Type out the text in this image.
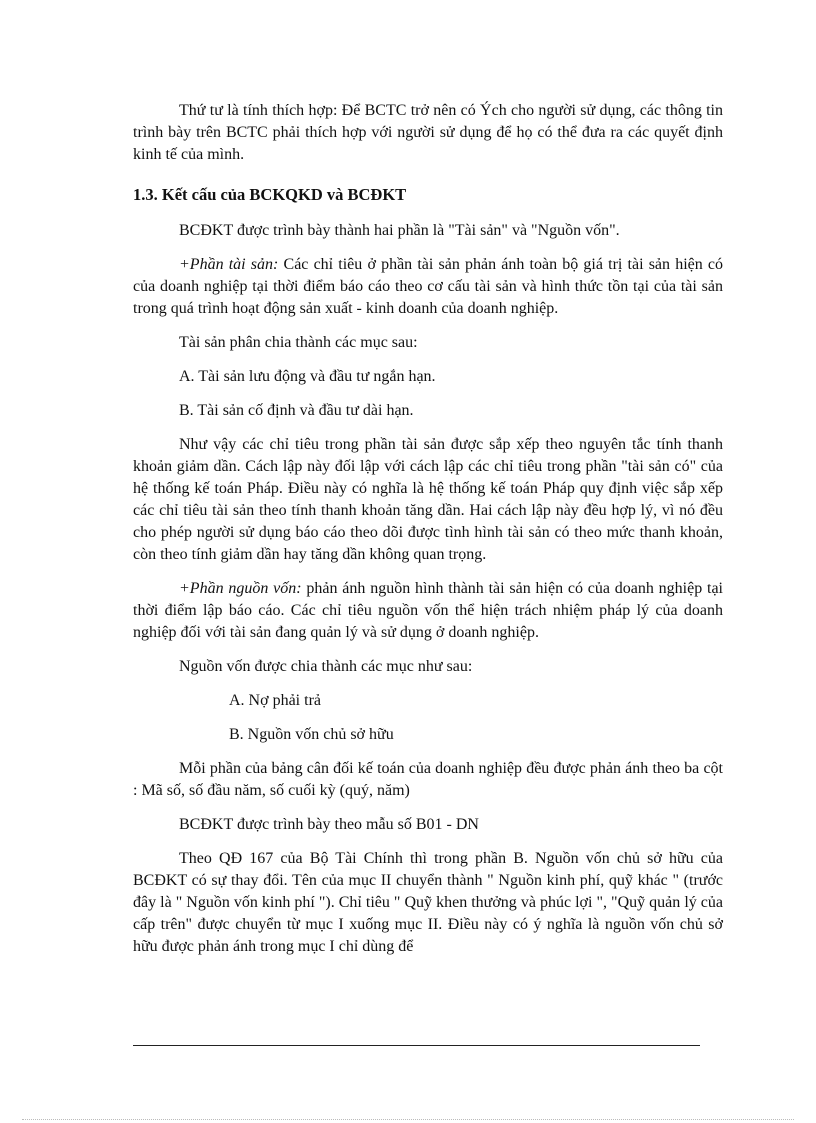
Thứ tư là tính thích hợp: Để BCTC trở nên có Ých cho người sử dụng, các thông tin trình bày trên BCTC phải thích hợp với người sử dụng để họ có thể đưa ra các quyết định kinh tế của mình.

1.3. Kết cấu của BCKQKD và BCĐKT

BCĐKT được trình bày thành hai phần là "Tài sản" và "Nguồn vốn".

+Phần tài sản: Các chỉ tiêu ở phần tài sản phản ánh toàn bộ giá trị tài sản hiện có của doanh nghiệp tại thời điểm báo cáo theo cơ cấu tài sản và hình thức tồn tại của tài sản trong quá trình hoạt động sản xuất - kinh doanh của doanh nghiệp.

Tài sản phân chia thành các mục sau:

A. Tài sản lưu động và đầu tư ngắn hạn.

B. Tài sản cố định và đầu tư dài hạn.

Như vậy các chỉ tiêu trong phần tài sản được sắp xếp theo nguyên tắc tính thanh khoản giảm dần. Cách lập này đối lập với cách lập các chỉ tiêu trong phần "tài sản có" của hệ thống kế toán Pháp. Điều này có nghĩa là hệ thống kế toán Pháp quy định việc sắp xếp các chỉ tiêu tài sản theo tính thanh khoản tăng dần. Hai cách lập này đều hợp lý, vì nó đều cho phép người sử dụng báo cáo theo dõi được tình hình tài sản có theo mức thanh khoản, còn theo tính giảm dần hay tăng dần không quan trọng.

+Phần nguồn vốn: phản ánh nguồn hình thành tài sản hiện có của doanh nghiệp tại thời điểm lập báo cáo. Các chỉ tiêu nguồn vốn thể hiện trách nhiệm pháp lý của doanh nghiệp đối với tài sản đang quản lý và sử dụng ở doanh nghiệp.

Nguồn vốn được chia thành các mục như sau:

A. Nợ phải trả

B. Nguồn vốn chủ sở hữu

Mỗi phần của bảng cân đối kế toán của doanh nghiệp đều được phản ánh theo ba cột : Mã số, số đầu năm, số cuối kỳ (quý, năm)

BCĐKT được trình bày theo mẫu số B01 - DN

Theo QĐ 167 của Bộ Tài Chính thì trong phần B. Nguồn vốn chủ sở hữu của BCĐKT có sự thay đổi. Tên của mục II chuyển thành " Nguồn kinh phí, quỹ khác " (trước đây là " Nguồn vốn kinh phí "). Chỉ tiêu " Quỹ khen thưởng và phúc lợi ", "Quỹ quản lý của cấp trên" được chuyển từ mục I xuống mục II. Điều này có ý nghĩa là nguồn vốn chủ sở hữu được phản ánh trong mục I chỉ dùng để
